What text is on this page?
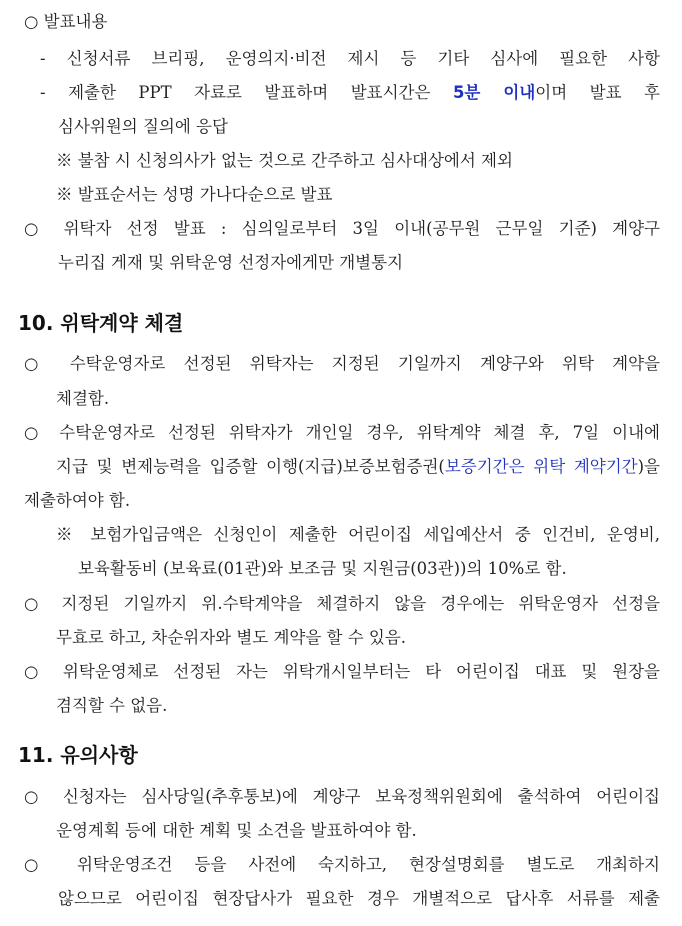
○ 발표내용
- 신청서류 브리핑, 운영의지·비전 제시 등 기타 심사에 필요한 사항
- 제출한 PPT 자료로 발표하며 발표시간은 5분 이내이며 발표 후
심사위원의 질의에 응답
※ 불참 시 신청의사가 없는 것으로 간주하고 심사대상에서 제외
※ 발표순서는 성명 가나다순으로 발표
○ 위탁자 선정 발표 : 심의일로부터 3일 이내(공무원 근무일 기준) 계양구
누리집 게재 및 위탁운영 선정자에게만 개별통지
10. 위탁계약 체결
○ 수탁운영자로 선정된 위탁자는 지정된 기일까지 계양구와 위탁 계약을
체결함.
○ 수탁운영자로 선정된 위탁자가 개인일 경우, 위탁계약 체결 후, 7일 이내에
지급 및 변제능력을 입증할 이행(지급)보증보험증권(보증기간은 위탁 계약기간)을
제출하여야 함.
※ 보험가입금액은 신청인이 제출한 어린이집 세입예산서 중 인건비, 운영비,
보육활동비 (보육료(01관)와 보조금 및 지원금(03관))의 10%로 함.
○ 지정된 기일까지 위.수탁계약을 체결하지 않을 경우에는 위탁운영자 선정을
무효로 하고, 차순위자와 별도 계약을 할 수 있음.
○ 위탁운영체로 선정된 자는 위탁개시일부터는 타 어린이집 대표 및 원장을
겸직할 수 없음.
11. 유의사항
○ 신청자는 심사당일(추후통보)에 계양구 보육정책위원회에 출석하여 어린이집
운영계획 등에 대한 계획 및 소견을 발표하여야 함.
○ 위탁운영조건 등을 사전에 숙지하고, 현장설명회를 별도로 개최하지
않으므로 어린이집 현장답사가 필요한 경우 개별적으로 답사후 서류를 제출
